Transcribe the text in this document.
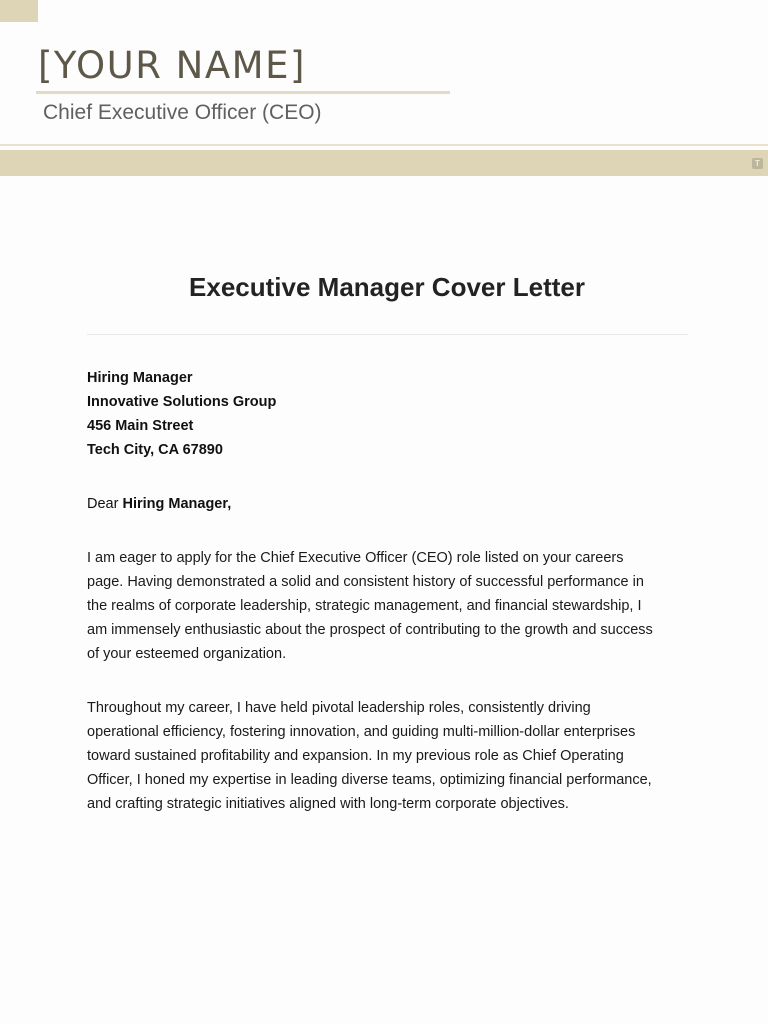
[YOUR NAME]
Chief Executive Officer (CEO)
T
Executive Manager Cover Letter
Hiring Manager
Innovative Solutions Group
456 Main Street
Tech City, CA 67890
Dear Hiring Manager,
I am eager to apply for the Chief Executive Officer (CEO) role listed on your careers
page. Having demonstrated a solid and consistent history of successful performance in
the realms of corporate leadership, strategic management, and financial stewardship, I
am immensely enthusiastic about the prospect of contributing to the growth and success
of your esteemed organization.
Throughout my career, I have held pivotal leadership roles, consistently driving
operational efficiency, fostering innovation, and guiding multi-million-dollar enterprises
toward sustained profitability and expansion. In my previous role as Chief Operating
Officer, I honed my expertise in leading diverse teams, optimizing financial performance,
and crafting strategic initiatives aligned with long-term corporate objectives.
